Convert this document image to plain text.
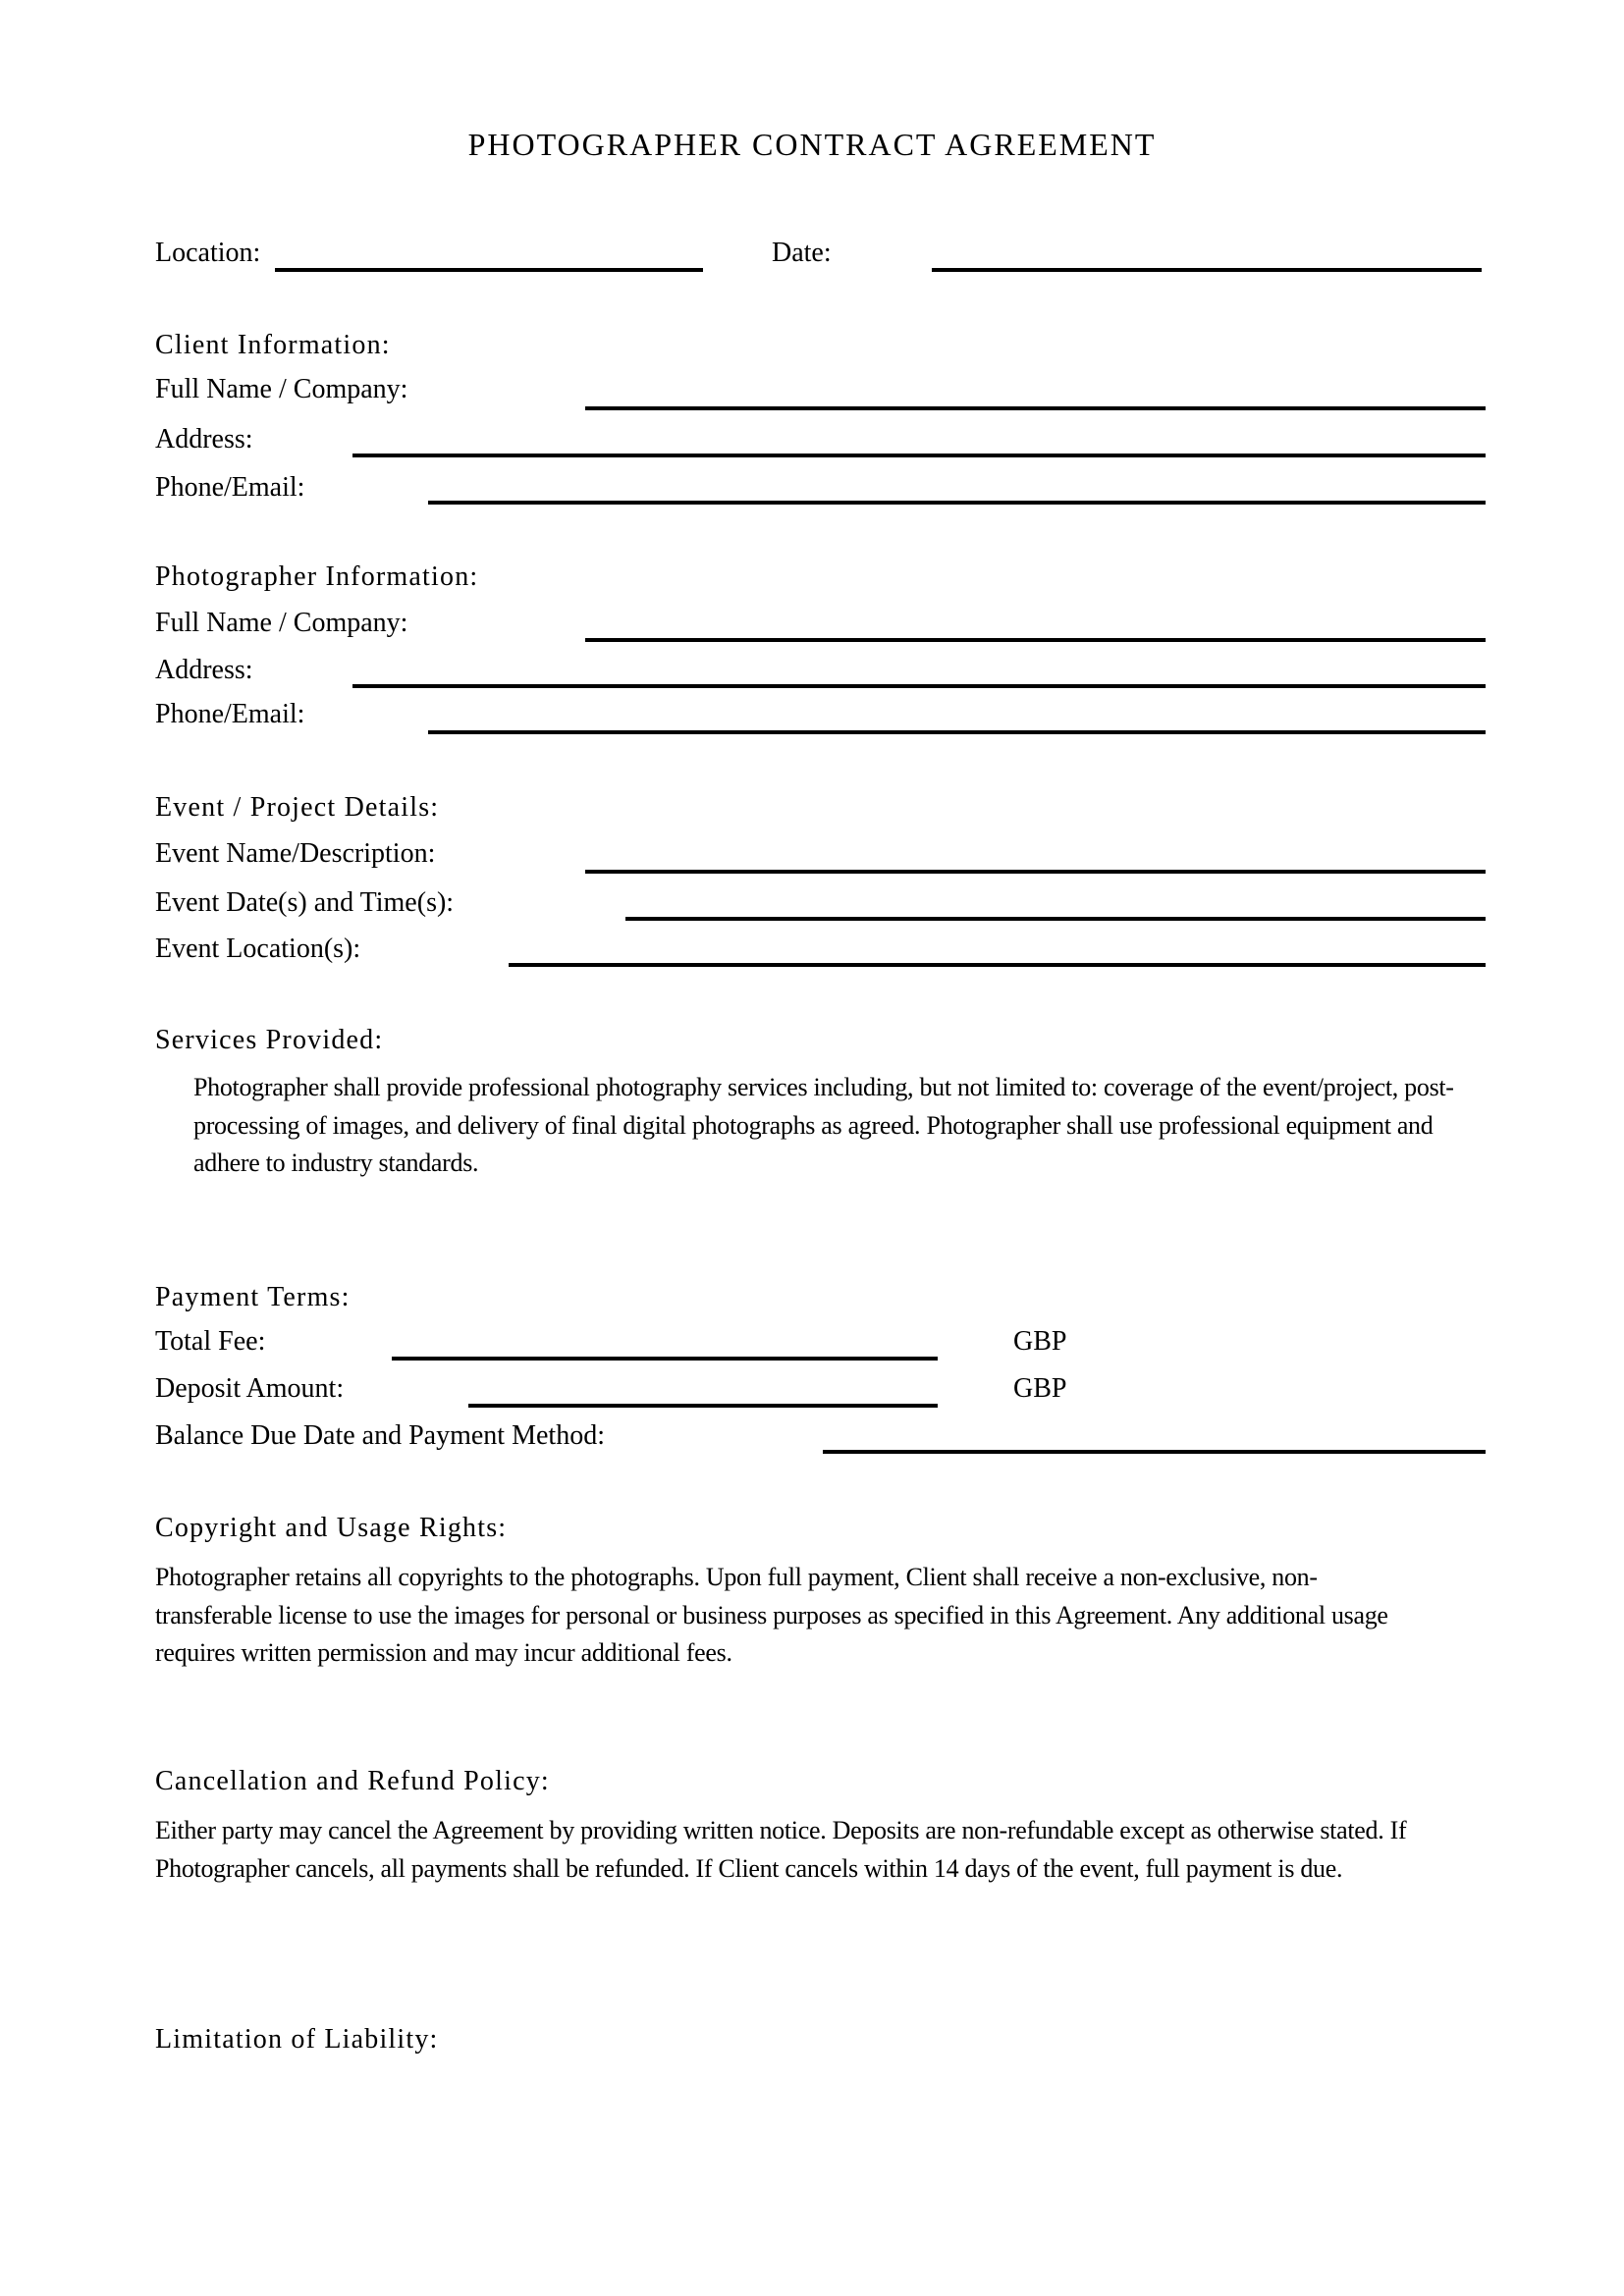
PHOTOGRAPHER CONTRACT AGREEMENT
Location:	Date:
Client Information:
Full Name / Company:
Address:
Phone/Email:
Photographer Information:
Full Name / Company:
Address:
Phone/Email:
Event / Project Details:
Event Name/Description:
Event Date(s) and Time(s):
Event Location(s):
Services Provided:
Photographer shall provide professional photography services including, but not limited to: coverage of the event/project, post-processing of images, and delivery of final digital photographs as agreed. Photographer shall use professional equipment and adhere to industry standards.
Payment Terms:
Total Fee:	GBP
Deposit Amount:	GBP
Balance Due Date and Payment Method:
Copyright and Usage Rights:
Photographer retains all copyrights to the photographs. Upon full payment, Client shall receive a non-exclusive, non-transferable license to use the images for personal or business purposes as specified in this Agreement. Any additional usage requires written permission and may incur additional fees.
Cancellation and Refund Policy:
Either party may cancel the Agreement by providing written notice. Deposits are non-refundable except as otherwise stated. If Photographer cancels, all payments shall be refunded. If Client cancels within 14 days of the event, full payment is due.
Limitation of Liability:
